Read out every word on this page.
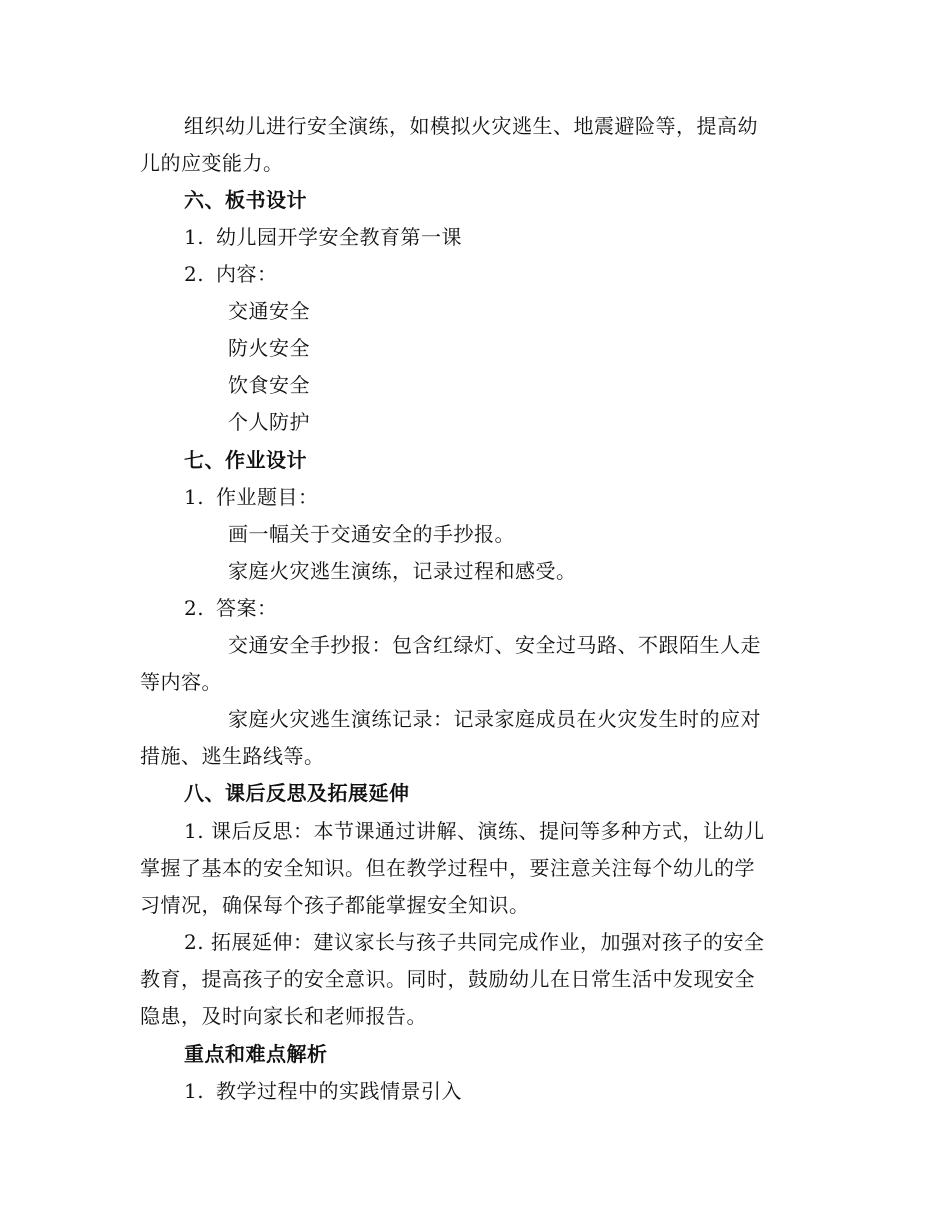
组织幼儿进行安全演练，如模拟火灾逃生、地震避险等，提高幼
儿的应变能力。
六、板书设计
1. 幼儿园开学安全教育第一课
2. 内容：
交通安全
防火安全
饮食安全
个人防护
七、作业设计
1. 作业题目：
画一幅关于交通安全的手抄报。
家庭火灾逃生演练，记录过程和感受。
2. 答案：
交通安全手抄报：包含红绿灯、安全过马路、不跟陌生人走
等内容。
家庭火灾逃生演练记录：记录家庭成员在火灾发生时的应对
措施、逃生路线等。
八、课后反思及拓展延伸
1. 课后反思：本节课通过讲解、演练、提问等多种方式，让幼儿
掌握了基本的安全知识。但在教学过程中，要注意关注每个幼儿的学
习情况，确保每个孩子都能掌握安全知识。
2. 拓展延伸：建议家长与孩子共同完成作业，加强对孩子的安全
教育，提高孩子的安全意识。同时，鼓励幼儿在日常生活中发现安全
隐患，及时向家长和老师报告。
重点和难点解析
1. 教学过程中的实践情景引入
